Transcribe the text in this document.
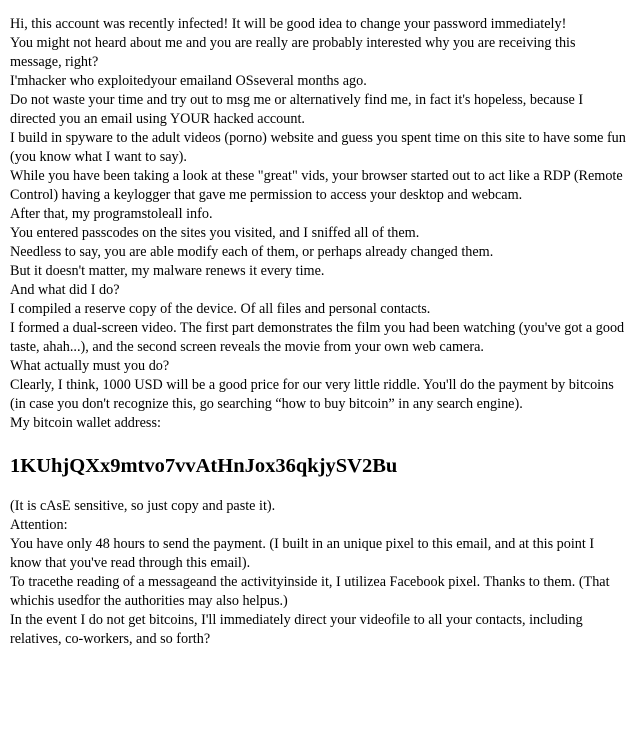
Hi, this account was recently infected! It will be good idea to change your password immediately!

You might not heard about me and you are really are probably interested why you are receiving this message, right?

I'mhacker who exploitedyour emailand OSseveral months ago.

Do not waste your time and try out to msg me or alternatively find me, in fact it's hopeless, because I directed you an email using YOUR hacked account.

I build in spyware to the adult videos (porno) website and guess you spent time on this site to have some fun (you know what I want to say).

While you have been taking a look at these "great" vids, your browser started out to act like a RDP (Remote Control) having a keylogger that gave me permission to access your desktop and webcam.

After that, my programstoleall info.

You entered passcodes on the sites you visited, and I sniffed all of them.

Needless to say, you are able modify each of them, or perhaps already changed them.

But it doesn't matter, my malware renews it every time.

And what did I do?

I compiled a reserve copy of the device. Of all files and personal contacts.

I formed a dual-screen video. The first part demonstrates the film you had been watching (you've got a good taste, ahah...), and the second screen reveals the movie from your own web camera.

What actually must you do?

Clearly, I think, 1000 USD will be a good price for our very little riddle. You'll do the payment by bitcoins (in case you don't recognize this, go searching “how to buy bitcoin” in any search engine).

My bitcoin wallet address:

1KUhjQXx9mtvo7vvAtHnJox36qkjySV2Bu

(It is cAsE sensitive, so just copy and paste it).

Attention:

You have only 48 hours to send the payment. (I built in an unique pixel to this email, and at this point I know that you've read through this email).

To tracethe reading of a messageand the activityinside it, I utilizea Facebook pixel. Thanks to them. (That whichis usedfor the authorities may also helpus.)

In the event I do not get bitcoins, I'll immediately direct your videofile to all your contacts, including relatives, co-workers, and so forth?
